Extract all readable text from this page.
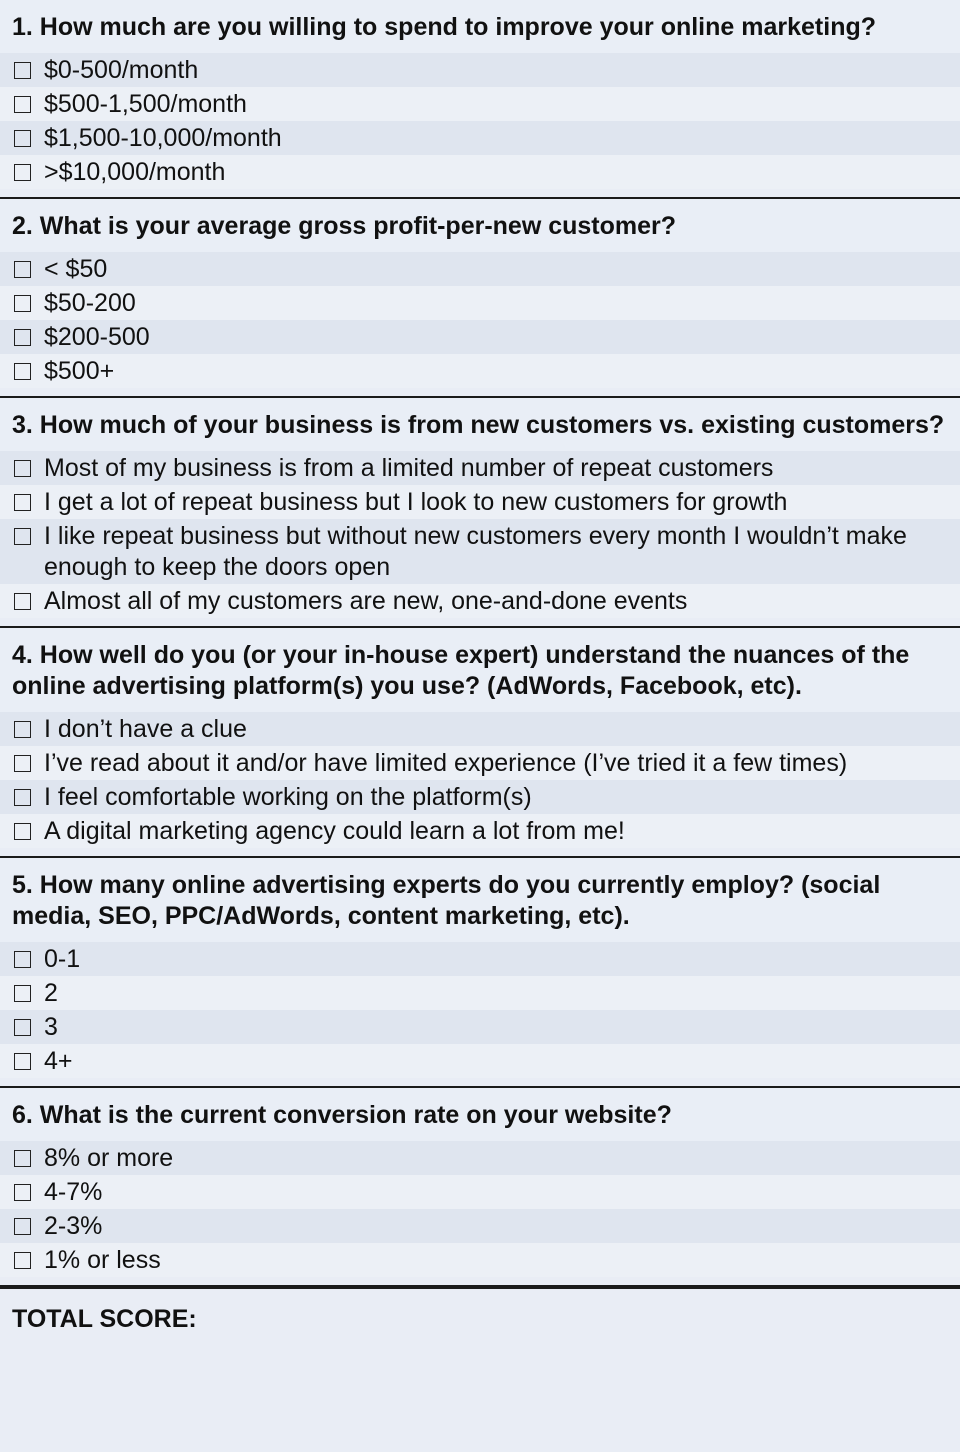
1. How much are you willing to spend to improve your online marketing?
$0-500/month
$500-1,500/month
$1,500-10,000/month
>$10,000/month
2. What is your average gross profit-per-new customer?
< $50
$50-200
$200-500
$500+
3. How much of your business is from new customers vs. existing customers?
Most of my business is from a limited number of repeat customers
I get a lot of repeat business but I look to new customers for growth
I like repeat business but without new customers every month I wouldn’t make enough to keep the doors open
Almost all of my customers are new, one-and-done events
4. How well do you (or your in-house expert) understand the nuances of the online advertising platform(s) you use? (AdWords, Facebook, etc).
I don’t have a clue
I’ve read about it and/or have limited experience (I’ve tried it a few times)
I feel comfortable working on the platform(s)
A digital marketing agency could learn a lot from me!
5. How many online advertising experts do you currently employ? (social media, SEO, PPC/AdWords, content marketing, etc).
0-1
2
3
4+
6. What is the current conversion rate on your website?
8% or more
4-7%
2-3%
1% or less
TOTAL SCORE:
